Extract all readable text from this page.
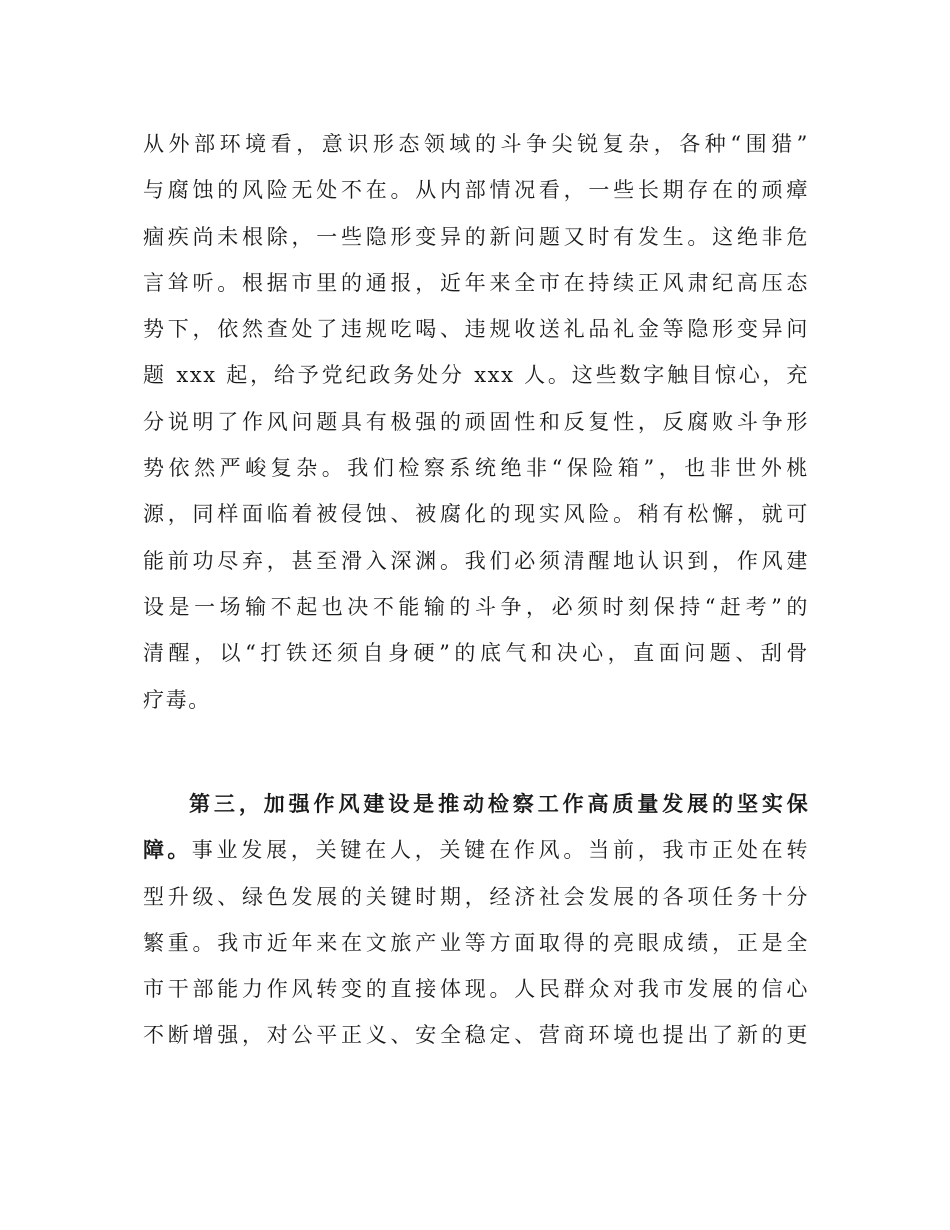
从外部环境看，意识形态领域的斗争尖锐复杂，各种“围猎”
与腐蚀的风险无处不在。从内部情况看，一些长期存在的顽瘴
痼疾尚未根除，一些隐形变异的新问题又时有发生。这绝非危
言耸听。根据市里的通报，近年来全市在持续正风肃纪高压态
势下，依然查处了违规吃喝、违规收送礼品礼金等隐形变异问
题 xxx 起，给予党纪政务处分 xxx 人。这些数字触目惊心，充
分说明了作风问题具有极强的顽固性和反复性，反腐败斗争形
势依然严峻复杂。我们检察系统绝非“保险箱”，也非世外桃
源，同样面临着被侵蚀、被腐化的现实风险。稍有松懈，就可
能前功尽弃，甚至滑入深渊。我们必须清醒地认识到，作风建
设是一场输不起也决不能输的斗争，必须时刻保持“赶考”的
清醒，以“打铁还须自身硬”的底气和决心，直面问题、刮骨
疗毒。
第三，加强作风建设是推动检察工作高质量发展的坚实保
障。事业发展，关键在人，关键在作风。当前，我市正处在转
型升级、绿色发展的关键时期，经济社会发展的各项任务十分
繁重。我市近年来在文旅产业等方面取得的亮眼成绩，正是全
市干部能力作风转变的直接体现。人民群众对我市发展的信心
不断增强，对公平正义、安全稳定、营商环境也提出了新的更
